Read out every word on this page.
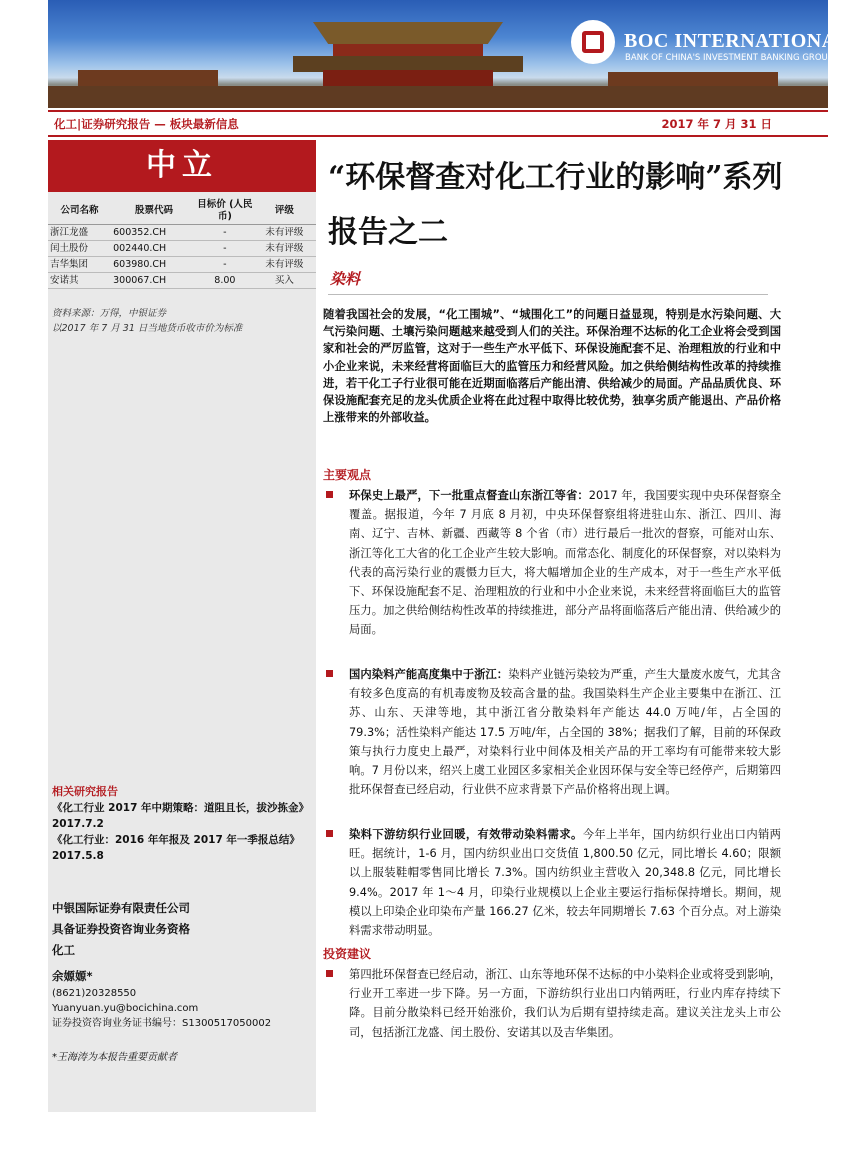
BOC INTERNATIONAL
BANK OF CHINA'S INVESTMENT BANKING GROUP
化工|证券研究报告 — 板块最新信息	2017 年 7 月 31 日
中立
公司名称	股票代码	目标价 (人民币)	评级
浙江龙盛	600352.CH	-	未有评级
闰土股份	002440.CH	-	未有评级
吉华集团	603980.CH	-	未有评级
安诺其	300067.CH	8.00	买入
资料来源：万得，中银证券
以2017 年 7 月 31 日当地货币收市价为标准
相关研究报告
《化工行业 2017 年中期策略：道阻且长，拔沙拣金》2017.7.2
《化工行业：2016 年年报及 2017 年一季报总结》2017.5.8
中银国际证券有限责任公司
具备证券投资咨询业务资格
化工
余嫄嫄*
(8621)20328550
Yuanyuan.yu@bocichina.com
证券投资咨询业务证书编号：S1300517050002
*王海涛为本报告重要贡献者
“环保督查对化工行业的影响”系列报告之二
染料
随着我国社会的发展，“化工围城”、“城围化工”的问题日益显现，特别是水污染问题、大气污染问题、土壤污染问题越来越受到人们的关注。环保治理不达标的化工企业将会受到国家和社会的严厉监管，这对于一些生产水平低下、环保设施配套不足、治理粗放的行业和中小企业来说，未来经营将面临巨大的监管压力和经营风险。加之供给侧结构性改革的持续推进，若干化工子行业很可能在近期面临落后产能出清、供给减少的局面。产品品质优良、环保设施配套充足的龙头优质企业将在此过程中取得比较优势，独享劣质产能退出、产品价格上涨带来的外部收益。
主要观点
环保史上最严，下一批重点督查山东浙江等省：2017 年，我国要实现中央环保督察全覆盖。据报道，今年 7 月底 8 月初，中央环保督察组将进驻山东、浙江、四川、海南、辽宁、吉林、新疆、西藏等 8 个省（市）进行最后一批次的督察，可能对山东、浙江等化工大省的化工企业产生较大影响。而常态化、制度化的环保督察，对以染料为代表的高污染行业的震慑力巨大，将大幅增加企业的生产成本，对于一些生产水平低下、环保设施配套不足、治理粗放的行业和中小企业来说，未来经营将面临巨大的监管压力。加之供给侧结构性改革的持续推进，部分产品将面临落后产能出清、供给减少的局面。
国内染料产能高度集中于浙江：染料产业链污染较为严重，产生大量废水废气，尤其含有较多色度高的有机毒废物及较高含量的盐。我国染料生产企业主要集中在浙江、江苏、山东、天津等地，其中浙江省分散染料年产能达 44.0 万吨/年，占全国的 79.3%；活性染料产能达 17.5 万吨/年，占全国的 38%；据我们了解，目前的环保政策与执行力度史上最严，对染料行业中间体及相关产品的开工率均有可能带来较大影响。7 月份以来，绍兴上虞工业园区多家相关企业因环保与安全等已经停产，后期第四批环保督查已经启动，行业供不应求背景下产品价格将出现上调。
染料下游纺织行业回暖，有效带动染料需求。今年上半年，国内纺织行业出口内销两旺。据统计，1-6 月，国内纺织业出口交货值 1,800.50 亿元，同比增长 4.60；限额以上服装鞋帽零售同比增长 7.3%。国内纺织业主营收入 20,348.8 亿元，同比增长 9.4%。2017 年 1～4 月，印染行业规模以上企业主要运行指标保持增长。期间，规模以上印染企业印染布产量 166.27 亿米，较去年同期增长 7.63 个百分点。对上游染料需求带动明显。
投资建议
第四批环保督查已经启动，浙江、山东等地环保不达标的中小染料企业或将受到影响，行业开工率进一步下降。另一方面，下游纺织行业出口内销两旺，行业内库存持续下降。目前分散染料已经开始涨价，我们认为后期有望持续走高。建议关注龙头上市公司，包括浙江龙盛、闰土股份、安诺其以及吉华集团。
